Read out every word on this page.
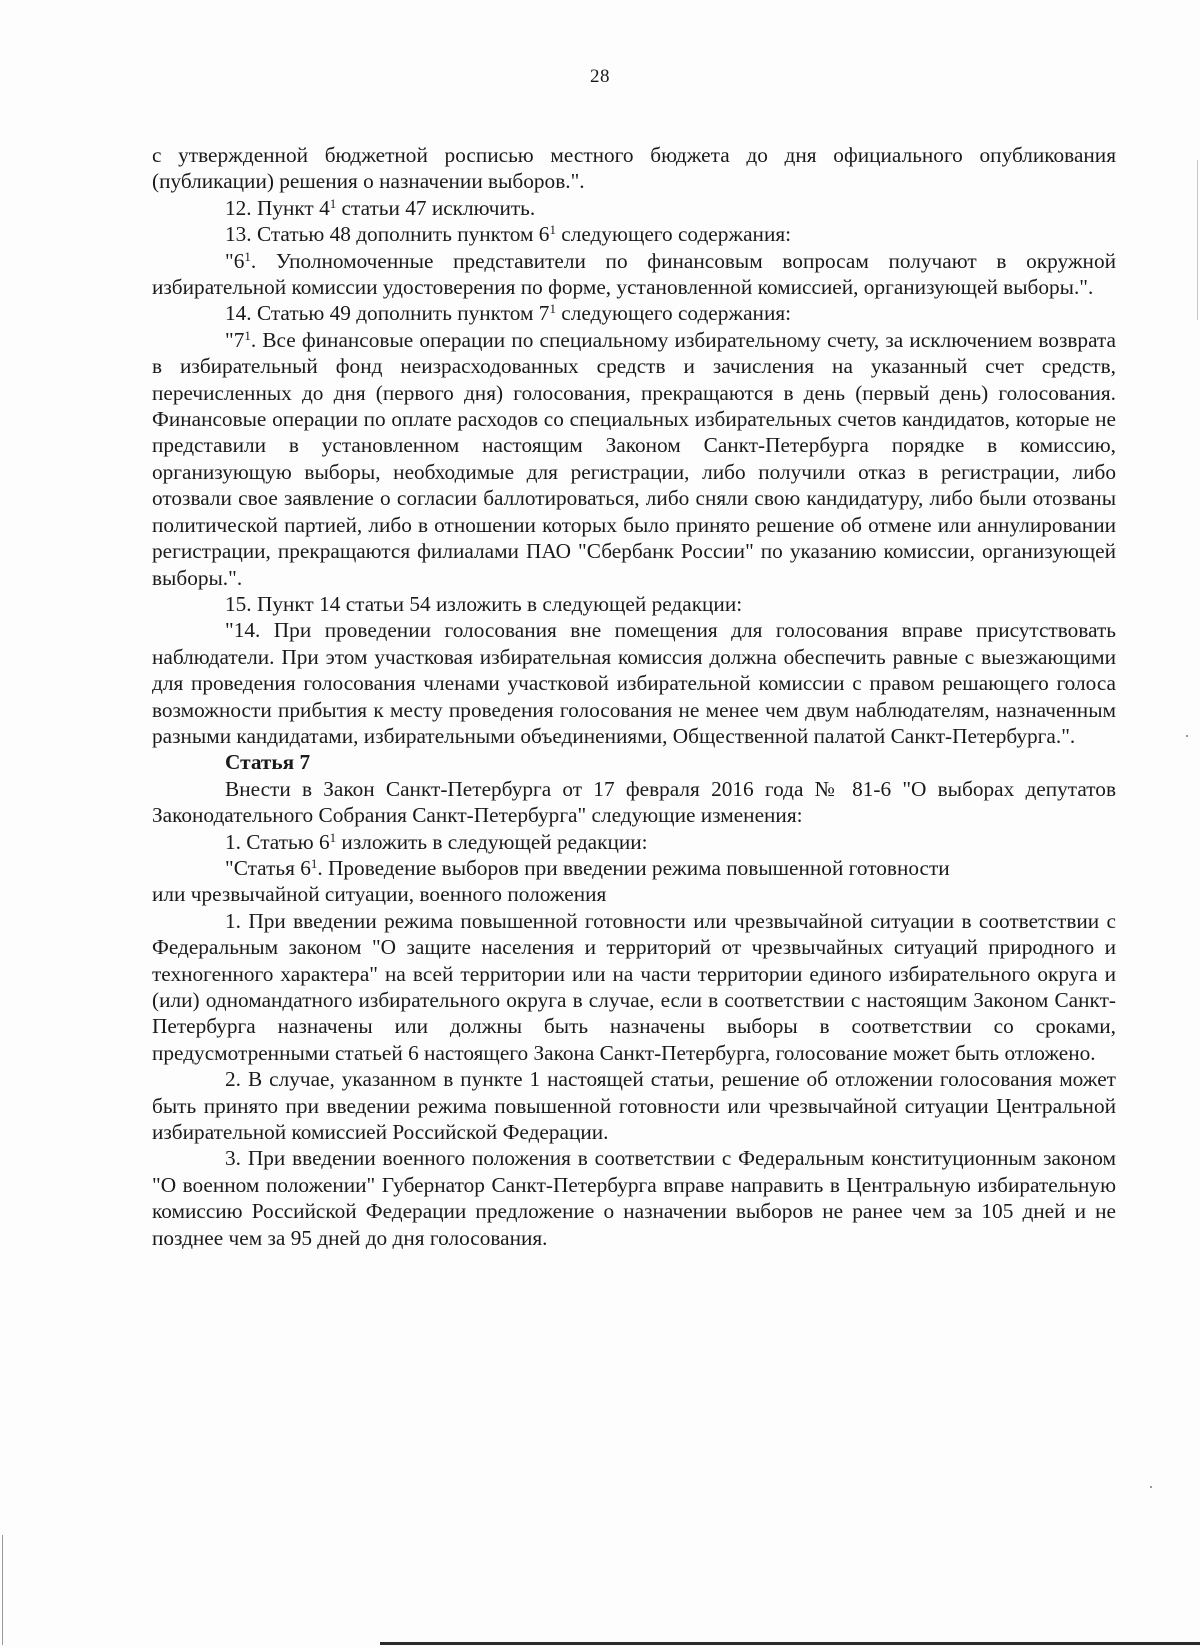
28

с утвержденной бюджетной росписью местного бюджета до дня официального опубликования (публикации) решения о назначении выборов.".

12. Пункт $4^1$ статьи 47 исключить.

13. Статью 48 дополнить пунктом $6^1$ следующего содержания:

"$6^1$. Уполномоченные представители по финансовым вопросам получают в окружной избирательной комиссии удостоверения по форме, установленной комиссией, организующей выборы.".

14. Статью 49 дополнить пунктом $7^1$ следующего содержания:

"$7^1$. Все финансовые операции по специальному избирательному счету, за исключением возврата в избирательный фонд неизрасходованных средств и зачисления на указанный счет средств, перечисленных до дня (первого дня) голосования, прекращаются в день (первый день) голосования. Финансовые операции по оплате расходов со специальных избирательных счетов кандидатов, которые не представили в установленном настоящим Законом Санкт-Петербурга порядке в комиссию, организующую выборы, необходимые для регистрации, либо получили отказ в регистрации, либо отозвали свое заявление о согласии баллотироваться, либо сняли свою кандидатуру, либо были отозваны политической партией, либо в отношении которых было принято решение об отмене или аннулировании регистрации, прекращаются филиалами ПАО "Сбербанк России" по указанию комиссии, организующей выборы.".

15. Пункт 14 статьи 54 изложить в следующей редакции:

"14. При проведении голосования вне помещения для голосования вправе присутствовать наблюдатели. При этом участковая избирательная комиссия должна обеспечить равные с выезжающими для проведения голосования членами участковой избирательной комиссии с правом решающего голоса возможности прибытия к месту проведения голосования не менее чем двум наблюдателям, назначенным разными кандидатами, избирательными объединениями, Общественной палатой Санкт-Петербурга.".

Статья 7

Внести в Закон Санкт-Петербурга от 17 февраля 2016 года № 81-6 "О выборах депутатов Законодательного Собрания Санкт-Петербурга" следующие изменения:

1. Статью $6^1$ изложить в следующей редакции:

"Статья $6^1$. Проведение выборов при введении режима повышенной готовности

или чрезвычайной ситуации, военного положения

1. При введении режима повышенной готовности или чрезвычайной ситуации в соответствии с Федеральным законом "О защите населения и территорий от чрезвычайных ситуаций природного и техногенного характера" на всей территории или на части территории единого избирательного округа и (или) одномандатного избирательного округа в случае, если в соответствии с настоящим Законом Санкт-Петербурга назначены или должны быть назначены выборы в соответствии со сроками, предусмотренными статьей 6 настоящего Закона Санкт-Петербурга, голосование может быть отложено.

2. В случае, указанном в пункте 1 настоящей статьи, решение об отложении голосования может быть принято при введении режима повышенной готовности или чрезвычайной ситуации Центральной избирательной комиссией Российской Федерации.

3. При введении военного положения в соответствии с Федеральным конституционным законом "О военном положении" Губернатор Санкт-Петербурга вправе направить в Центральную избирательную комиссию Российской Федерации предложение о назначении выборов не ранее чем за 105 дней и не позднее чем за 95 дней до дня голосования.
